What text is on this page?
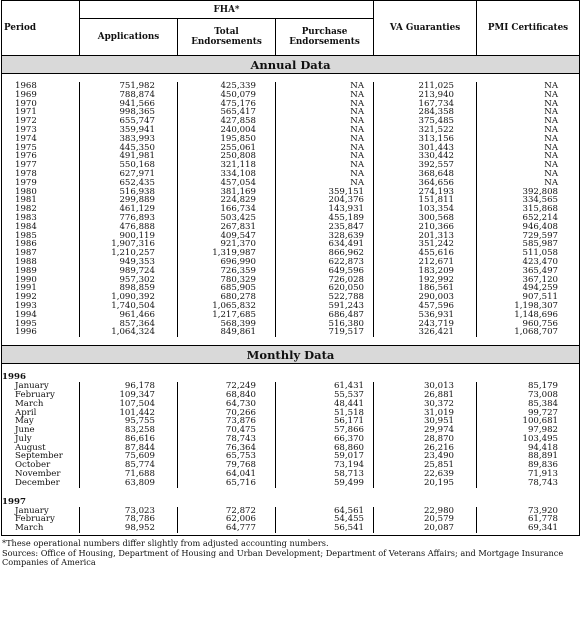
Period	FHA*			VA Guaranties	PMI Certificates
	Applications	Total Endorsements	Purchase Endorsements		
Annual Data					

1968	751,982	425,339	NA	211,025	NA
1969	788,874	450,079	NA	213,940	NA
1970	941,566	475,176	NA	167,734	NA
1971	998,365	565,417	NA	284,358	NA
1972	655,747	427,858	NA	375,485	NA
1973	359,941	240,004	NA	321,522	NA
1974	383,993	195,850	NA	313,156	NA
1975	445,350	255,061	NA	301,443	NA
1976	491,981	250,808	NA	330,442	NA
1977	550,168	321,118	NA	392,557	NA
1978	627,971	334,108	NA	368,648	NA
1979	652,435	457,054	NA	364,656	NA
1980	516,938	381,169	359,151	274,193	392,808
1981	299,889	224,829	204,376	151,811	334,565
1982	461,129	166,734	143,931	103,354	315,868
1983	776,893	503,425	455,189	300,568	652,214
1984	476,888	267,831	235,847	210,366	946,408
1985	900,119	409,547	328,639	201,313	729,597
1986	1,907,316	921,370	634,491	351,242	585,987
1987	1,210,257	1,319,987	866,962	455,616	511,058
1988	949,353	696,990	622,873	212,671	423,470
1989	989,724	726,359	649,596	183,209	365,497
1990	957,302	780,329	726,028	192,992	367,120
1991	898,859	685,905	620,050	186,561	494,259
1992	1,090,392	680,278	522,788	290,003	907,511
1993	1,740,504	1,065,832	591,243	457,596	1,198,307
1994	961,466	1,217,685	686,487	536,931	1,148,696
1995	857,364	568,399	516,380	243,719	960,756
1996	1,064,324	849,861	719,517	326,421	1,068,707

Monthly Data					

1996					
January	96,178	72,249	61,431	30,013	85,179
February	109,347	68,840	55,537	26,881	73,008
March	107,504	64,730	48,441	30,372	85,384
April	101,442	70,266	51,518	31,019	99,727
May	95,755	73,876	56,171	30,951	100,681
June	83,258	70,475	57,866	29,974	97,982
July	86,616	78,743	66,370	28,870	103,495
August	87,844	76,364	68,860	26,216	94,418
September	75,609	65,753	59,017	23,490	88,891
October	85,774	79,768	73,194	25,851	89,836
November	71,688	64,041	58,713	22,639	71,913
December	63,809	65,716	59,499	20,195	78,743

1997					
January	73,023	72,872	64,561	22,980	73,920
February	78,786	62,006	54,455	20,579	61,778
March	98,952	64,777	56,541	20,087	69,341

*These operational numbers differ slightly from adjusted accounting numbers.
Sources: Office of Housing, Department of Housing and Urban Development; Department of Veterans Affairs; and Mortgage Insurance Companies of America
